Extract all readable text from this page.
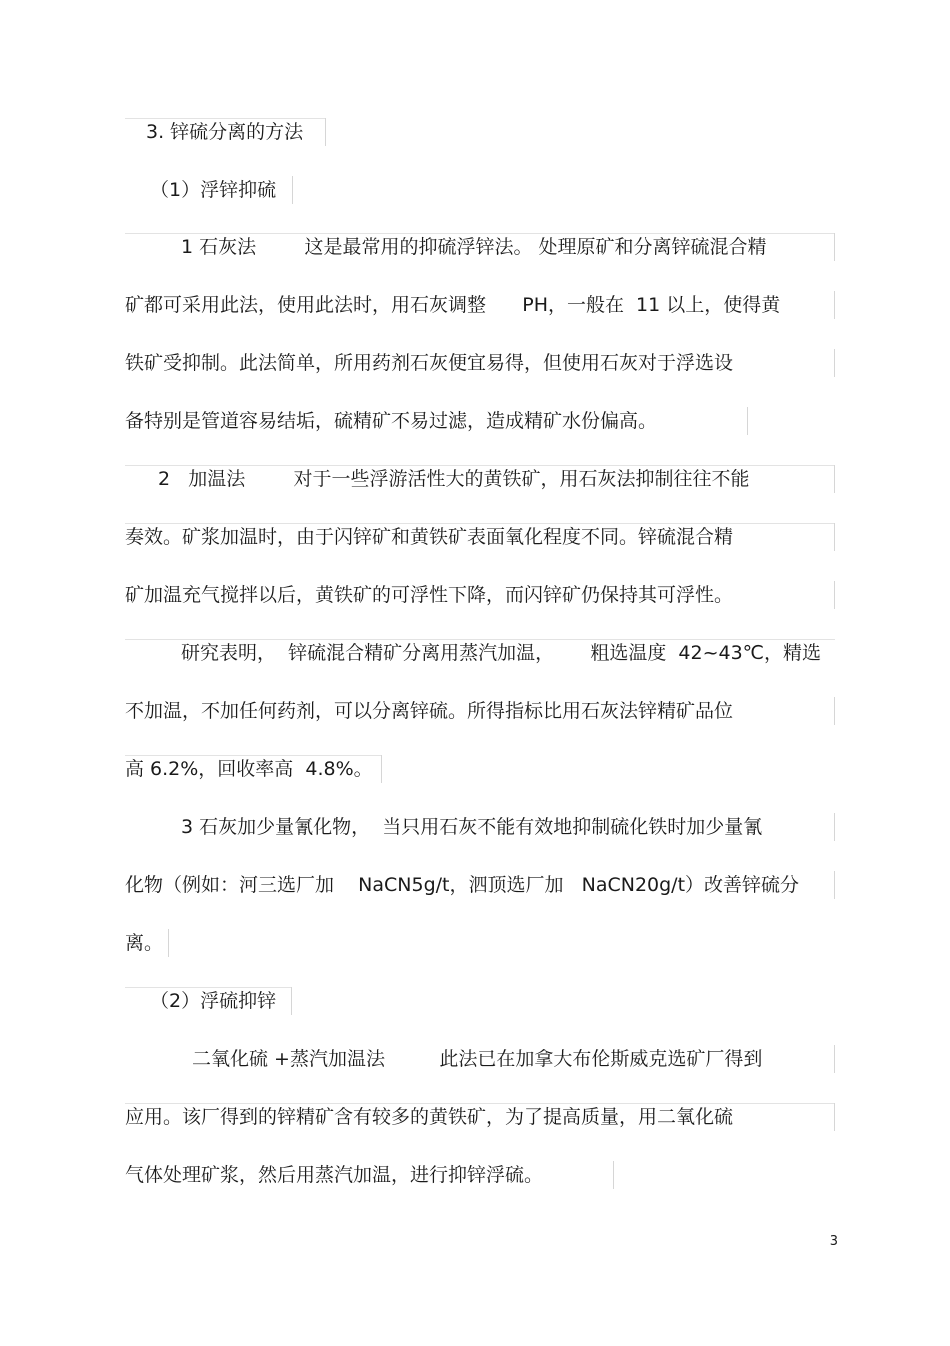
3. 锌硫分离的方法
（1）浮锌抑硫
1 石灰法        这是最常用的抑硫浮锌法。 处理原矿和分离锌硫混合精
矿都可采用此法，使用此法时，用石灰调整      PH，一般在  11 以上，使得黄
铁矿受抑制。此法简单，所用药剂石灰便宜易得，但使用石灰对于浮选设
备特别是管道容易结垢，硫精矿不易过滤，造成精矿水份偏高。
2   加温法        对于一些浮游活性大的黄铁矿，用石灰法抑制往往不能
奏效。矿浆加温时，由于闪锌矿和黄铁矿表面氧化程度不同。锌硫混合精
矿加温充气搅拌以后，黄铁矿的可浮性下降，而闪锌矿仍保持其可浮性。
研究表明，  锌硫混合精矿分离用蒸汽加温，      粗选温度  42~43℃，精选
不加温，不加任何药剂，可以分离锌硫。所得指标比用石灰法锌精矿品位
高 6.2%，回收率高  4.8%。
3 石灰加少量氰化物，  当只用石灰不能有效地抑制硫化铁时加少量氰
化物（例如：河三选厂加    NaCN5g/t，泗顶选厂加   NaCN20g/t）改善锌硫分
离。
（2）浮硫抑锌
二氧化硫 +蒸汽加温法         此法已在加拿大布伦斯威克选矿厂得到
应用。该厂得到的锌精矿含有较多的黄铁矿，为了提高质量，用二氧化硫
气体处理矿浆，然后用蒸汽加温，进行抑锌浮硫。
3
